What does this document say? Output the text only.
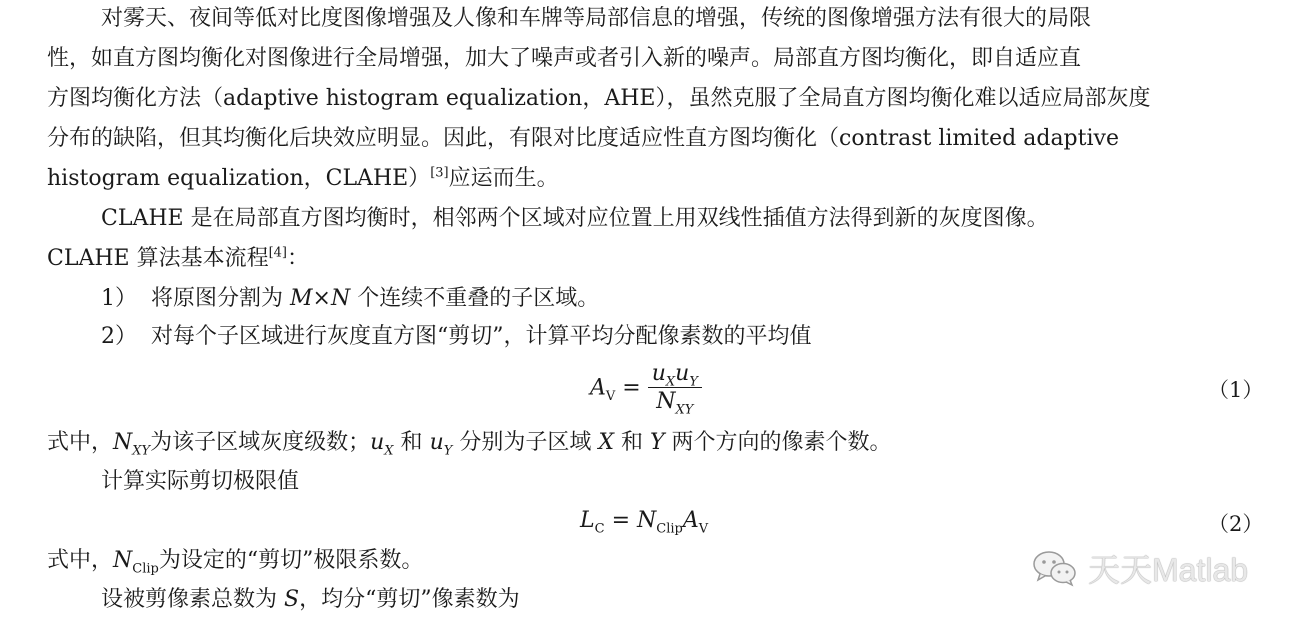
对雾天、夜间等低对比度图像增强及人像和车牌等局部信息的增强，传统的图像增强方法有很大的局限
性，如直方图均衡化对图像进行全局增强，加大了噪声或者引入新的噪声。局部直方图均衡化，即自适应直
方图均衡化方法（adaptive histogram equalization，AHE），虽然克服了全局直方图均衡化难以适应局部灰度
分布的缺陷，但其均衡化后块效应明显。因此，有限对比度适应性直方图均衡化（contrast limited adaptive
histogram equalization，CLAHE）[3]应运而生。
CLAHE 是在局部直方图均衡时，相邻两个区域对应位置上用双线性插值方法得到新的灰度图像。
CLAHE 算法基本流程[4]：
1） 将原图分割为 M×N 个连续不重叠的子区域。
2） 对每个子区域进行灰度直方图“剪切”，计算平均分配像素数的平均值
$A_V = \frac{u_Xu_Y}{N_{XY}}$	（1）
式中，$N_{XY}$为该子区域灰度级数；$u_X$ 和 $u_Y$ 分别为子区域 X 和 Y 两个方向的像素个数。
计算实际剪切极限值
$L_C = N_{Clip}A_V$	（2）
式中，$N_{Clip}$为设定的“剪切”极限系数。
设被剪像素总数为 S，均分“剪切”像素数为
天天Matlab
